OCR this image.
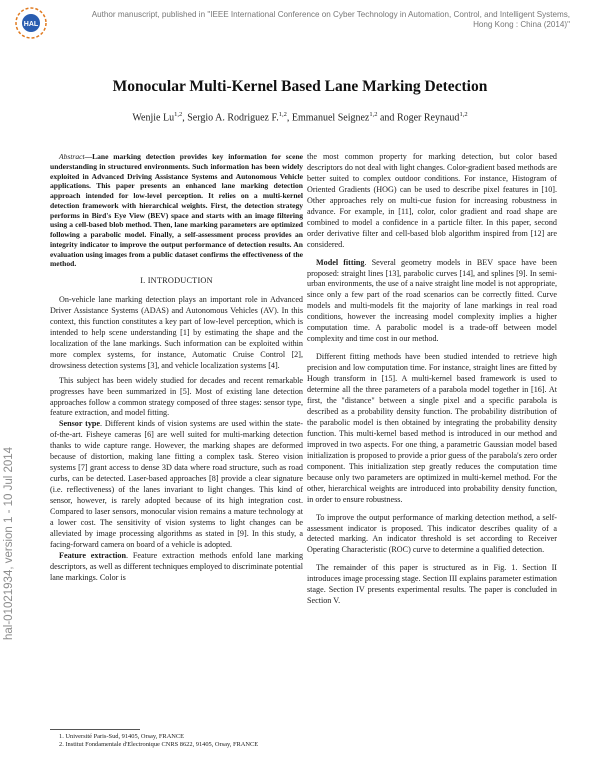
HAL
Author manuscript, published in "IEEE International Conference on Cyber Technology in Automation, Control, and Intelligent Systems,
Hong Kong : China (2014)"
hal-01021934, version 1 - 10 Jul 2014
Monocular Multi-Kernel Based Lane Marking Detection
Wenjie Lu$^{1,2}$, Sergio A. Rodriguez F.$^{1,2}$, Emmanuel Seignez$^{1,2}$ and Roger Reynaud$^{1,2}$

Abstract—Lane marking detection provides key information for scene understanding in structured environments. Such information has been widely exploited in Advanced Driving Assistance Systems and Autonomous Vehicle applications. This paper presents an enhanced lane marking detection approach intended for low-level perception. It relies on a multi-kernel detection framework with hierarchical weights. First, the detection strategy performs in Bird's Eye View (BEV) space and starts with an image filtering using a cell-based blob method. Then, lane marking parameters are optimized following a parabolic model. Finally, a self-assessment process provides an integrity indicator to improve the output performance of detection results. An evaluation using images from a public dataset confirms the effectiveness of the method.

I. INTRODUCTION

On-vehicle lane marking detection plays an important role in Advanced Driver Assistance Systems (ADAS) and Autonomous Vehicles (AV). In this context, this function constitutes a key part of low-level perception, which is intended to help scene understanding [1] by estimating the shape and the localization of the lane markings. Such information can be exploited within more complex systems, for instance, Automatic Cruise Control [2], drowsiness detection systems [3], and vehicle localization systems [4].

This subject has been widely studied for decades and recent remarkable progresses have been summarized in [5]. Most of existing lane detection approaches follow a common strategy composed of three stages: sensor type, feature extraction, and model fitting.

Sensor type. Different kinds of vision systems are used within the state-of-the-art. Fisheye cameras [6] are well suited for multi-marking detection thanks to wide capture range. However, the marking shapes are deformed because of distortion, making lane fitting a complex task. Stereo vision systems [7] grant access to dense 3D data where road structure, such as road curbs, can be detected. Laser-based approaches [8] provide a clear signature (i.e. reflectiveness) of the lanes invariant to light changes. This kind of sensor, however, is rarely adopted because of its high integration cost. Compared to laser sensors, monocular vision remains a mature technology at a lower cost. The sensitivity of vision systems to light changes can be alleviated by image processing algorithms as stated in [9]. In this study, a facing-forward camera on board of a vehicle is adopted.

Feature extraction. Feature extraction methods enfold lane marking descriptors, as well as different techniques employed to discriminate potential lane markings. Color is

1. Université Paris-Sud, 91405, Orsay, FRANCE
2. Institut Fondamentale d'Electronique CNRS 8622, 91405, Orsay, FRANCE

the most common property for marking detection, but color based descriptors do not deal with light changes. Color-gradient based methods are better suited to complex outdoor conditions. For instance, Histogram of Oriented Gradients (HOG) can be used to describe pixel features in [10]. Other approaches rely on multi-cue fusion for increasing robustness in advance. For example, in [11], color, color gradient and road shape are combined to model a confidence in a particle filter. In this paper, second order derivative filter and cell-based blob algorithm inspired from [12] are considered.

Model fitting. Several geometry models in BEV space have been proposed: straight lines [13], parabolic curves [14], and splines [9]. In semi-urban environments, the use of a naive straight line model is not appropriate, since only a few part of the road scenarios can be correctly fitted. Curve models and multi-models fit the majority of lane markings in real road conditions, however the increasing model complexity implies a higher computation time. A parabolic model is a trade-off between model complexity and time cost in our method.

Different fitting methods have been studied intended to retrieve high precision and low computation time. For instance, straight lines are fitted by Hough transform in [15]. A multi-kernel based framework is used to determine all the three parameters of a parabola model together in [16]. At first, the "distance" between a single pixel and a specific parabola is described as a probability density function. The probability distribution of the parabolic model is then obtained by integrating the probability density function. This multi-kernel based method is introduced in our method and improved in two aspects. For one thing, a parametric Gaussian model based initialization is proposed to provide a prior guess of the parabola's zero order component. This initialization step greatly reduces the computation time because only two parameters are optimized in multi-kernel method. For the other, hierarchical weights are introduced into probability density function, in order to ensure robustness.

To improve the output performance of marking detection method, a self-assessment indicator is proposed. This indicator describes quality of a detected marking. An indicator threshold is set according to Receiver Operating Characteristic (ROC) curve to determine a qualified detection.

The remainder of this paper is structured as in Fig. 1. Section II introduces image processing stage. Section III explains parameter estimation stage. Section IV presents experimental results. The paper is concluded in Section V.
